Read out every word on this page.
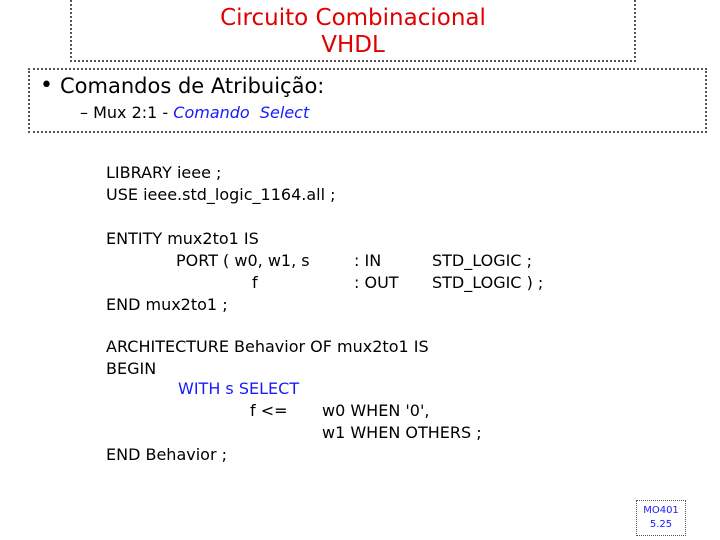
Circuito Combinacional
VHDL
• Comandos de Atribuição:
– Mux 2:1 - Comando  Select
LIBRARY ieee ;
USE ieee.std_logic_1164.all ;
ENTITY mux2to1 IS
PORT ( w0, w1, s	: IN	STD_LOGIC ;
f	: OUT STD_LOGIC ) ;
END mux2to1 ;
ARCHITECTURE Behavior OF mux2to1 IS
BEGIN
WITH s SELECT
f <= w0 WHEN '0',
w1 WHEN OTHERS ;
END Behavior ;
MO401
5.25
